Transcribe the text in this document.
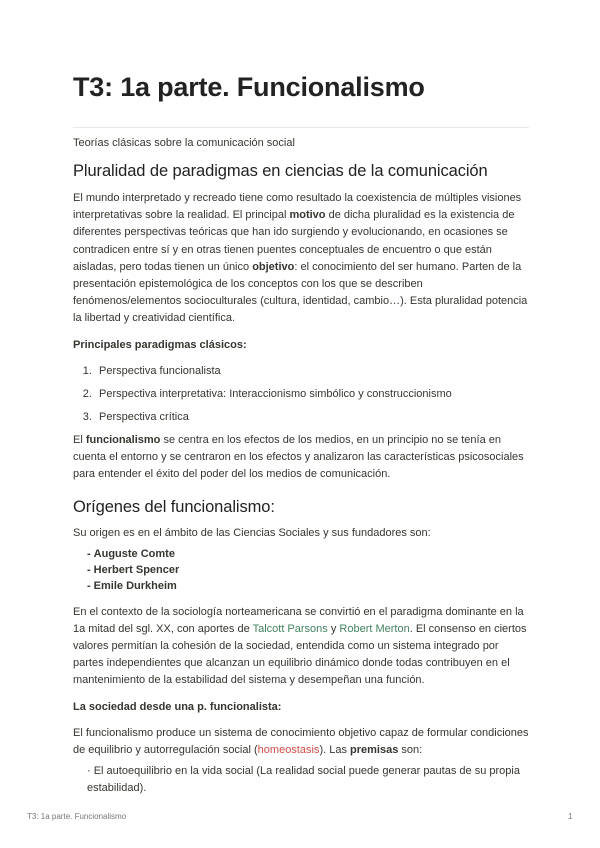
T3: 1a parte. Funcionalismo

Teorías clásicas sobre la comunicación social

Pluralidad de paradigmas en ciencias de la comunicación

El mundo interpretado y recreado tiene como resultado la coexistencia de múltiples visiones interpretativas sobre la realidad. El principal motivo de dicha pluralidad es la existencia de diferentes perspectivas teóricas que han ido surgiendo y evolucionando, en ocasiones se contradicen entre sí y en otras tienen puentes conceptuales de encuentro o que están aisladas, pero todas tienen un único objetivo: el conocimiento del ser humano. Parten de la presentación epistemológica de los conceptos con los que se describen fenómenos/elementos socioculturales (cultura, identidad, cambio…). Esta pluralidad potencia la libertad y creatividad científica.

Principales paradigmas clásicos:

1. Perspectiva funcionalista
2. Perspectiva interpretativa: Interaccionismo simbólico y construccionismo
3. Perspectiva crítica

El funcionalismo se centra en los efectos de los medios, en un principio no se tenía en cuenta el entorno y se centraron en los efectos y analizaron las características psicosociales para entender el éxito del poder del los medios de comunicación.

Orígenes del funcionalismo:

Su origen es en el ámbito de las Ciencias Sociales y sus fundadores son:

- Auguste Comte
- Herbert Spencer
- Emile Durkheim

En el contexto de la sociología norteamericana se convirtió en el paradigma dominante en la 1a mitad del sgl. XX, con aportes de Talcott Parsons y Robert Merton. El consenso en ciertos valores permitían la cohesión de la sociedad, entendida como un sistema integrado por partes independientes que alcanzan un equilibrio dinámico donde todas contribuyen en el mantenimiento de la estabilidad del sistema y desempeñan una función.

La sociedad desde una p. funcionalista:

El funcionalismo produce un sistema de conocimiento objetivo capaz de formular condiciones de equilibrio y autorregulación social (homeostasis). Las premisas son:

· El autoequilibrio en la vida social (La realidad social puede generar pautas de su propia estabilidad).

T3: 1a parte. Funcionalismo	1
